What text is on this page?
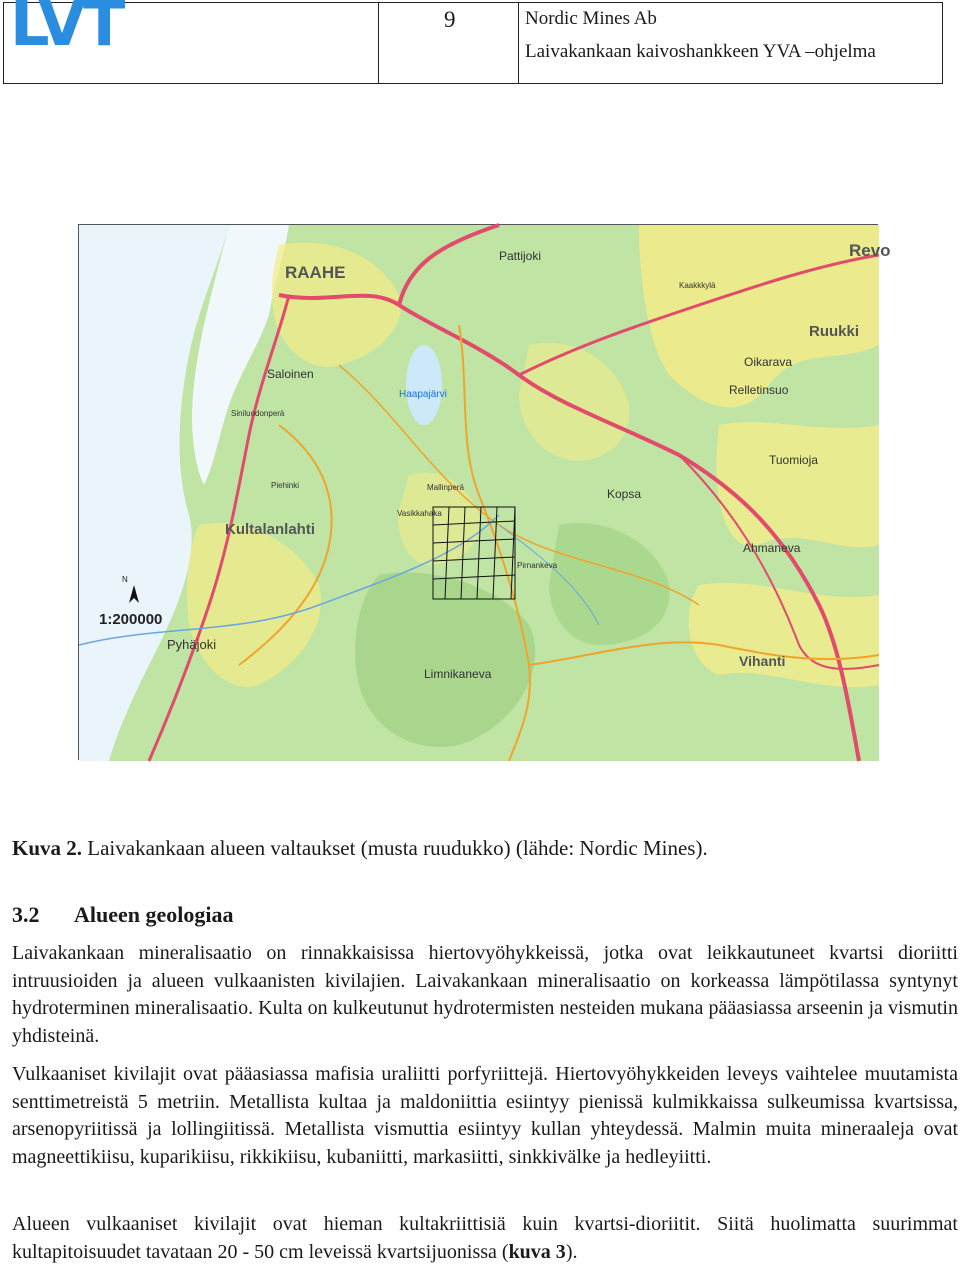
LVT	9	Nordic Mines Ab
Laivakankaan kaivoshankkeen YVA –ohjelma
RAAHE
Pattijoki	Revo
Saloinen
Kultalanlahti
Pyhäjoki
Ruukki
Oikarava
Relletinsuo
Tuomioja
Kopsa
Ahmaneva
Vihanti
Limnikaneva
Pirnankeva
Kaakkkylä
Haapajärvi
Siniluodonperä
Piehinki	Mallinperä
Vasikkahaka
N
1:200000
Kuva 2. Laivakankaan alueen valtaukset (musta ruudukko) (lähde: Nordic Mines).
3.2 Alueen geologiaa

Laivakankaan mineralisaatio on rinnakkaisissa hiertovyöhykkeissä, jotka ovat leikkautuneet kvartsi dioriitti intruusioiden ja alueen vulkaanisten kivilajien. Laivakankaan mineralisaatio on korkeassa lämpötilassa syntynyt hydroterminen mineralisaatio. Kulta on kulkeutunut hydrotermisten nesteiden mukana pääasiassa arseenin ja vismutin yhdisteinä.

Vulkaaniset kivilajit ovat pääasiassa mafisia uraliitti porfyriittejä. Hiertovyöhykkeiden leveys vaihtelee muutamista senttimetreistä 5 metriin. Metallista kultaa ja maldoniittia esiintyy pienissä kulmikkaissa sulkeumissa kvartsissa, arsenopyriitissä ja lollingiitissä. Metallista vismuttia esiintyy kullan yhteydessä. Malmin muita mineraaleja ovat magneettikiisu, kuparikiisu, rikkikiisu, kubaniitti, markasiitti, sinkkivälke ja hedleyiitti.

Alueen vulkaaniset kivilajit ovat hieman kultakriittisiä kuin kvartsi-dioriitit. Siitä huolimatta suurimmat kultapitoisuudet tavataan 20 - 50 cm leveissä kvartsijuonissa (kuva 3).
